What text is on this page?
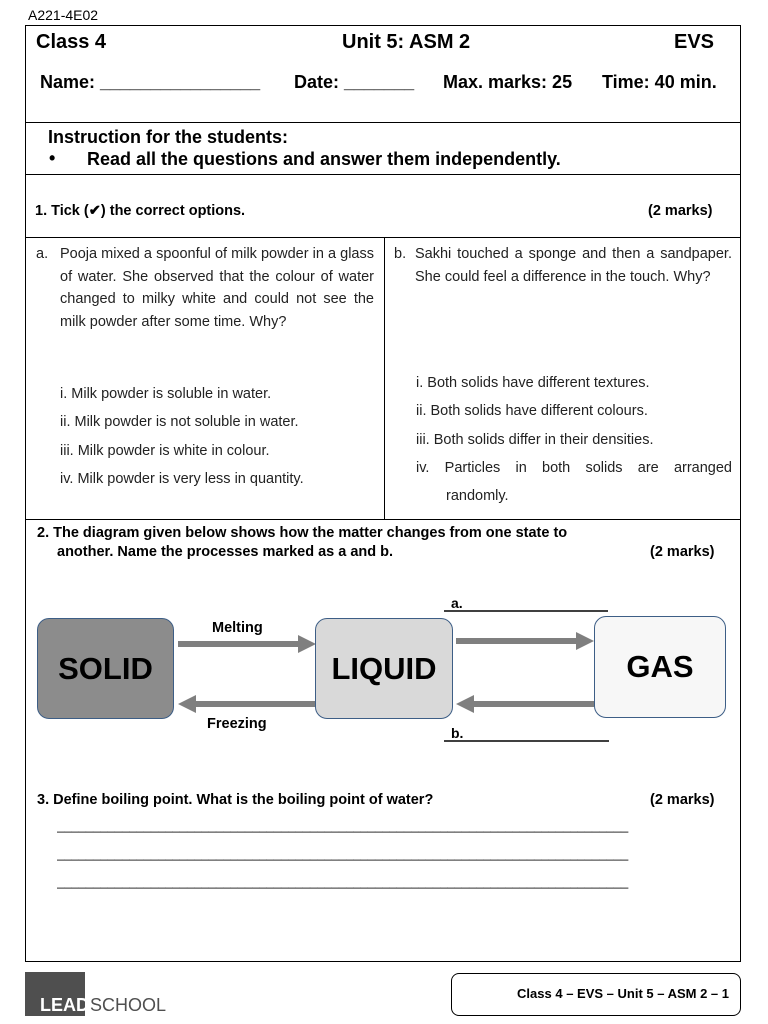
A221-4E02
Class 4	Unit 5: ASM 2	EVS
Name: ________________ Date: _______ Max. marks: 25 Time: 40 min.
Instruction for the students:
• Read all the questions and answer them independently.
1. Tick (✔) the correct options.	(2 marks)
a. Pooja mixed a spoonful of milk powder in a glass of water. She observed that the colour of water changed to milky white and could not see the milk powder after some time. Why?
i. Milk powder is soluble in water.
ii. Milk powder is not soluble in water.
iii. Milk powder is white in colour.
iv. Milk powder is very less in quantity.
b. Sakhi touched a sponge and then a sandpaper. She could feel a difference in the touch. Why?
i. Both solids have different textures.
ii. Both solids have different colours.
iii. Both solids differ in their densities.
iv. Particles in both solids are arranged
randomly.
2. The diagram given below shows how the matter changes from one state to
another. Name the processes marked as a and b.	(2 marks)
SOLID	LIQUID	GAS
Melting
Freezing
a.
b.
3. Define boiling point. What is the boiling point of water?	(2 marks)
_______________________________________________________________________________
_______________________________________________________________________________
_______________________________________________________________________________
LEAD SCHOOL
Class 4 – EVS – Unit 5 – ASM 2 – 1
